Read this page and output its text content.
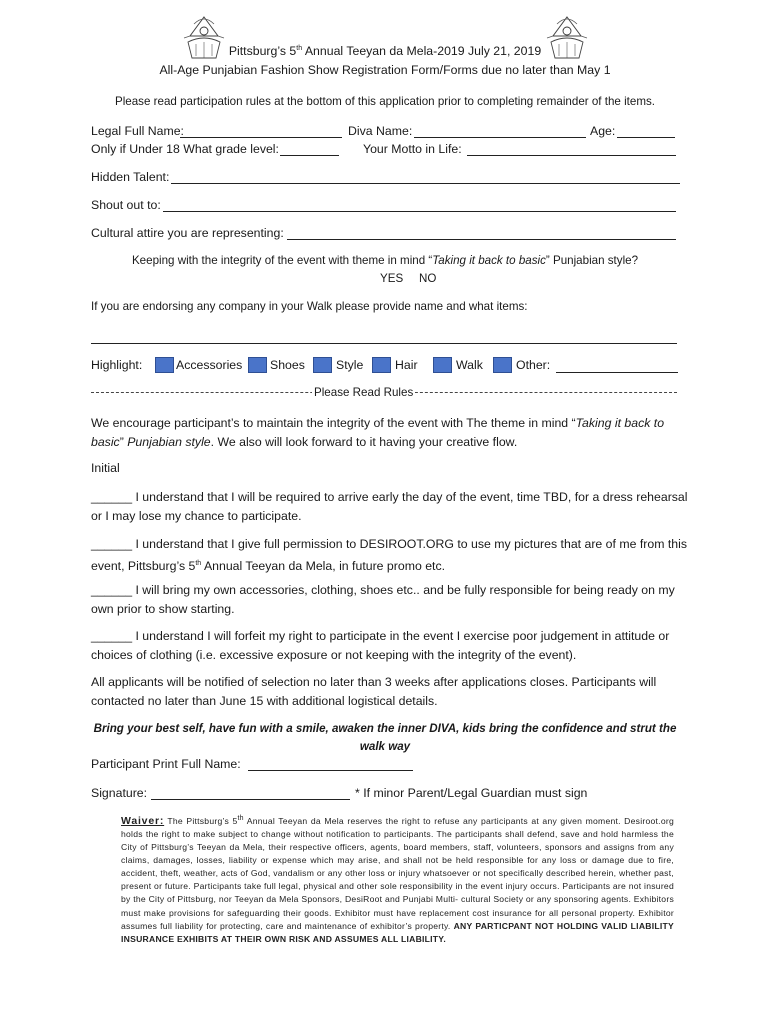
Pittsburg’s 5th Annual Teeyan da Mela-2019 July 21, 2019
All-Age Punjabian Fashion Show Registration Form/Forms due no later than May 1
Please read participation rules at the bottom of this application prior to completing remainder of the items.
Legal Full Name:	Diva Name:	Age:
Only if Under 18 What grade level:	Your Motto in Life:
Hidden Talent:
Shout out to:
Cultural attire you are representing:
Keeping with the integrity of the event with theme in mind “Taking it back to basic” Punjabian style?
YES NO
If you are endorsing any company in your Walk please provide name and what items:
Highlight:	Accessories Shoes	Style	Hair	Walk	Other:
Please Read Rules
We encourage participant’s to maintain the integrity of the event with The theme in mind “Taking it back to basic” Punjabian style. We also will look forward to it having your creative flow.
Initial
______ I understand that I will be required to arrive early the day of the event, time TBD, for a dress rehearsal or I may lose my chance to participate.
______ I understand that I give full permission to DESIROOT.ORG to use my pictures that are of me from this event, Pittsburg’s 5th Annual Teeyan da Mela, in future promo etc.
______ I will bring my own accessories, clothing, shoes etc.. and be fully responsible for being ready on my own prior to show starting.
______ I understand I will forfeit my right to participate in the event I exercise poor judgement in attitude or choices of clothing (i.e. excessive exposure or not keeping with the integrity of the event).
All applicants will be notified of selection no later than 3 weeks after applications closes. Participants will contacted no later than June 15 with additional logistical details.
Bring your best self, have fun with a smile, awaken the inner DIVA, kids bring the confidence and strut the walk way
Participant Print Full Name:
Signature:	* If minor Parent/Legal Guardian must sign
Waiver: The Pittsburg’s 5th Annual Teeyan da Mela reserves the right to refuse any participants at any given moment. Desiroot.org holds the right to make subject to change without notification to participants. The participants shall defend, save and hold harmless the City of Pittsburg’s Teeyan da Mela, their respective officers, agents, board members, staff, volunteers, sponsors and assigns from any claims, damages, losses, liability or expense which may arise, and shall not be held responsible for any loss or damage due to fire, accident, theft, weather, acts of God, vandalism or any other loss or injury whatsoever or not specifically described herein, whether past, present or future. Participants take full legal, physical and other sole responsibility in the event injury occurs. Participants are not insured by the City of Pittsburg, nor Teeyan da Mela Sponsors, DesiRoot and Punjabi Multi- cultural Society or any sponsoring agents. Exhibitors must make provisions for safeguarding their goods. Exhibitor must have replacement cost insurance for all personal property. Exhibitor assumes full liability for protecting, care and maintenance of exhibitor’s property. ANY PARTICPANT NOT HOLDING VALID LIABILITY INSURANCE EXHIBITS AT THEIR OWN RISK AND ASSUMES ALL LIABILITY.
